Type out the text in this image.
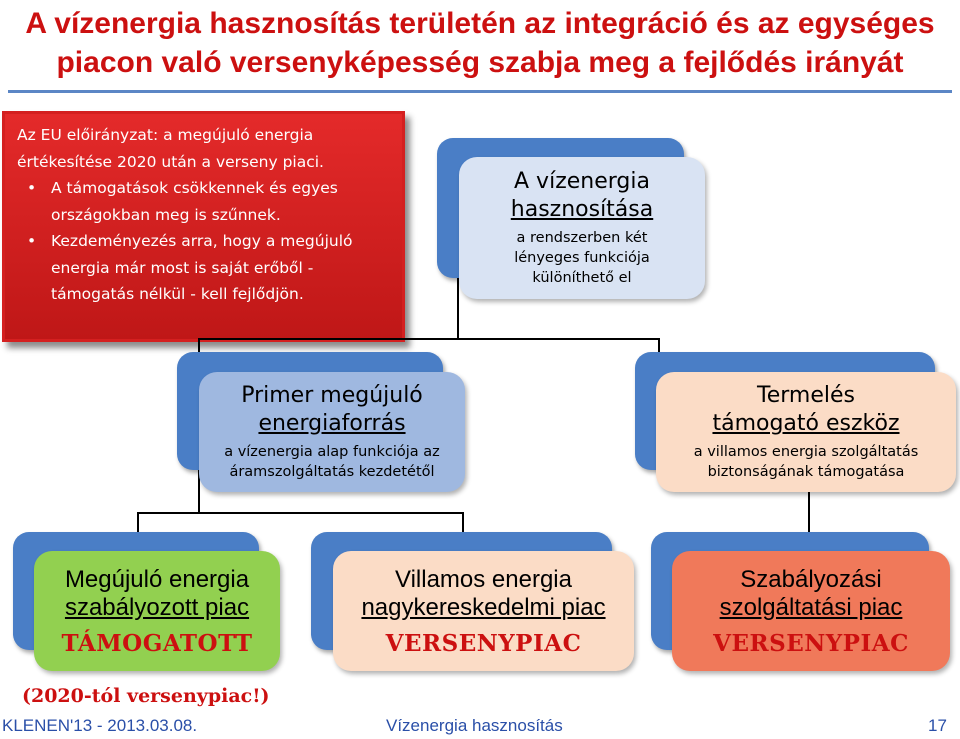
A vízenergia hasznosítás területén az integráció és az egységes
piacon való versenyképesség szabja meg a fejlődés irányát

Az EU előirányzat: a megújuló energia értékesítése 2020 után a verseny piaci.

• A támogatások csökkennek és egyes országokban meg is szűnnek.
• Kezdeményezés arra, hogy a megújuló energia már most is saját erőből - támogatás nélkül - kell fejlődjön.
A vízenergia
hasznosítása
a rendszerben két
lényeges funkciója
különíthető el
Primer megújuló
energiaforrás
a vízenergia alap funkciója az
áramszolgáltatás kezdetétől
Termelés
támogató eszköz
a villamos energia szolgáltatás
biztonságának támogatása
Megújuló energia
szabályozott piac
TÁMOGATOTT
Villamos energia
nagykereskedelmi piac
VERSENYPIAC
Szabályozási
szolgáltatási piac
VERSENYPIAC
(2020-tól versenypiac!)
KLENEN'13 - 2013.03.08.	Vízenergia hasznosítás	17
